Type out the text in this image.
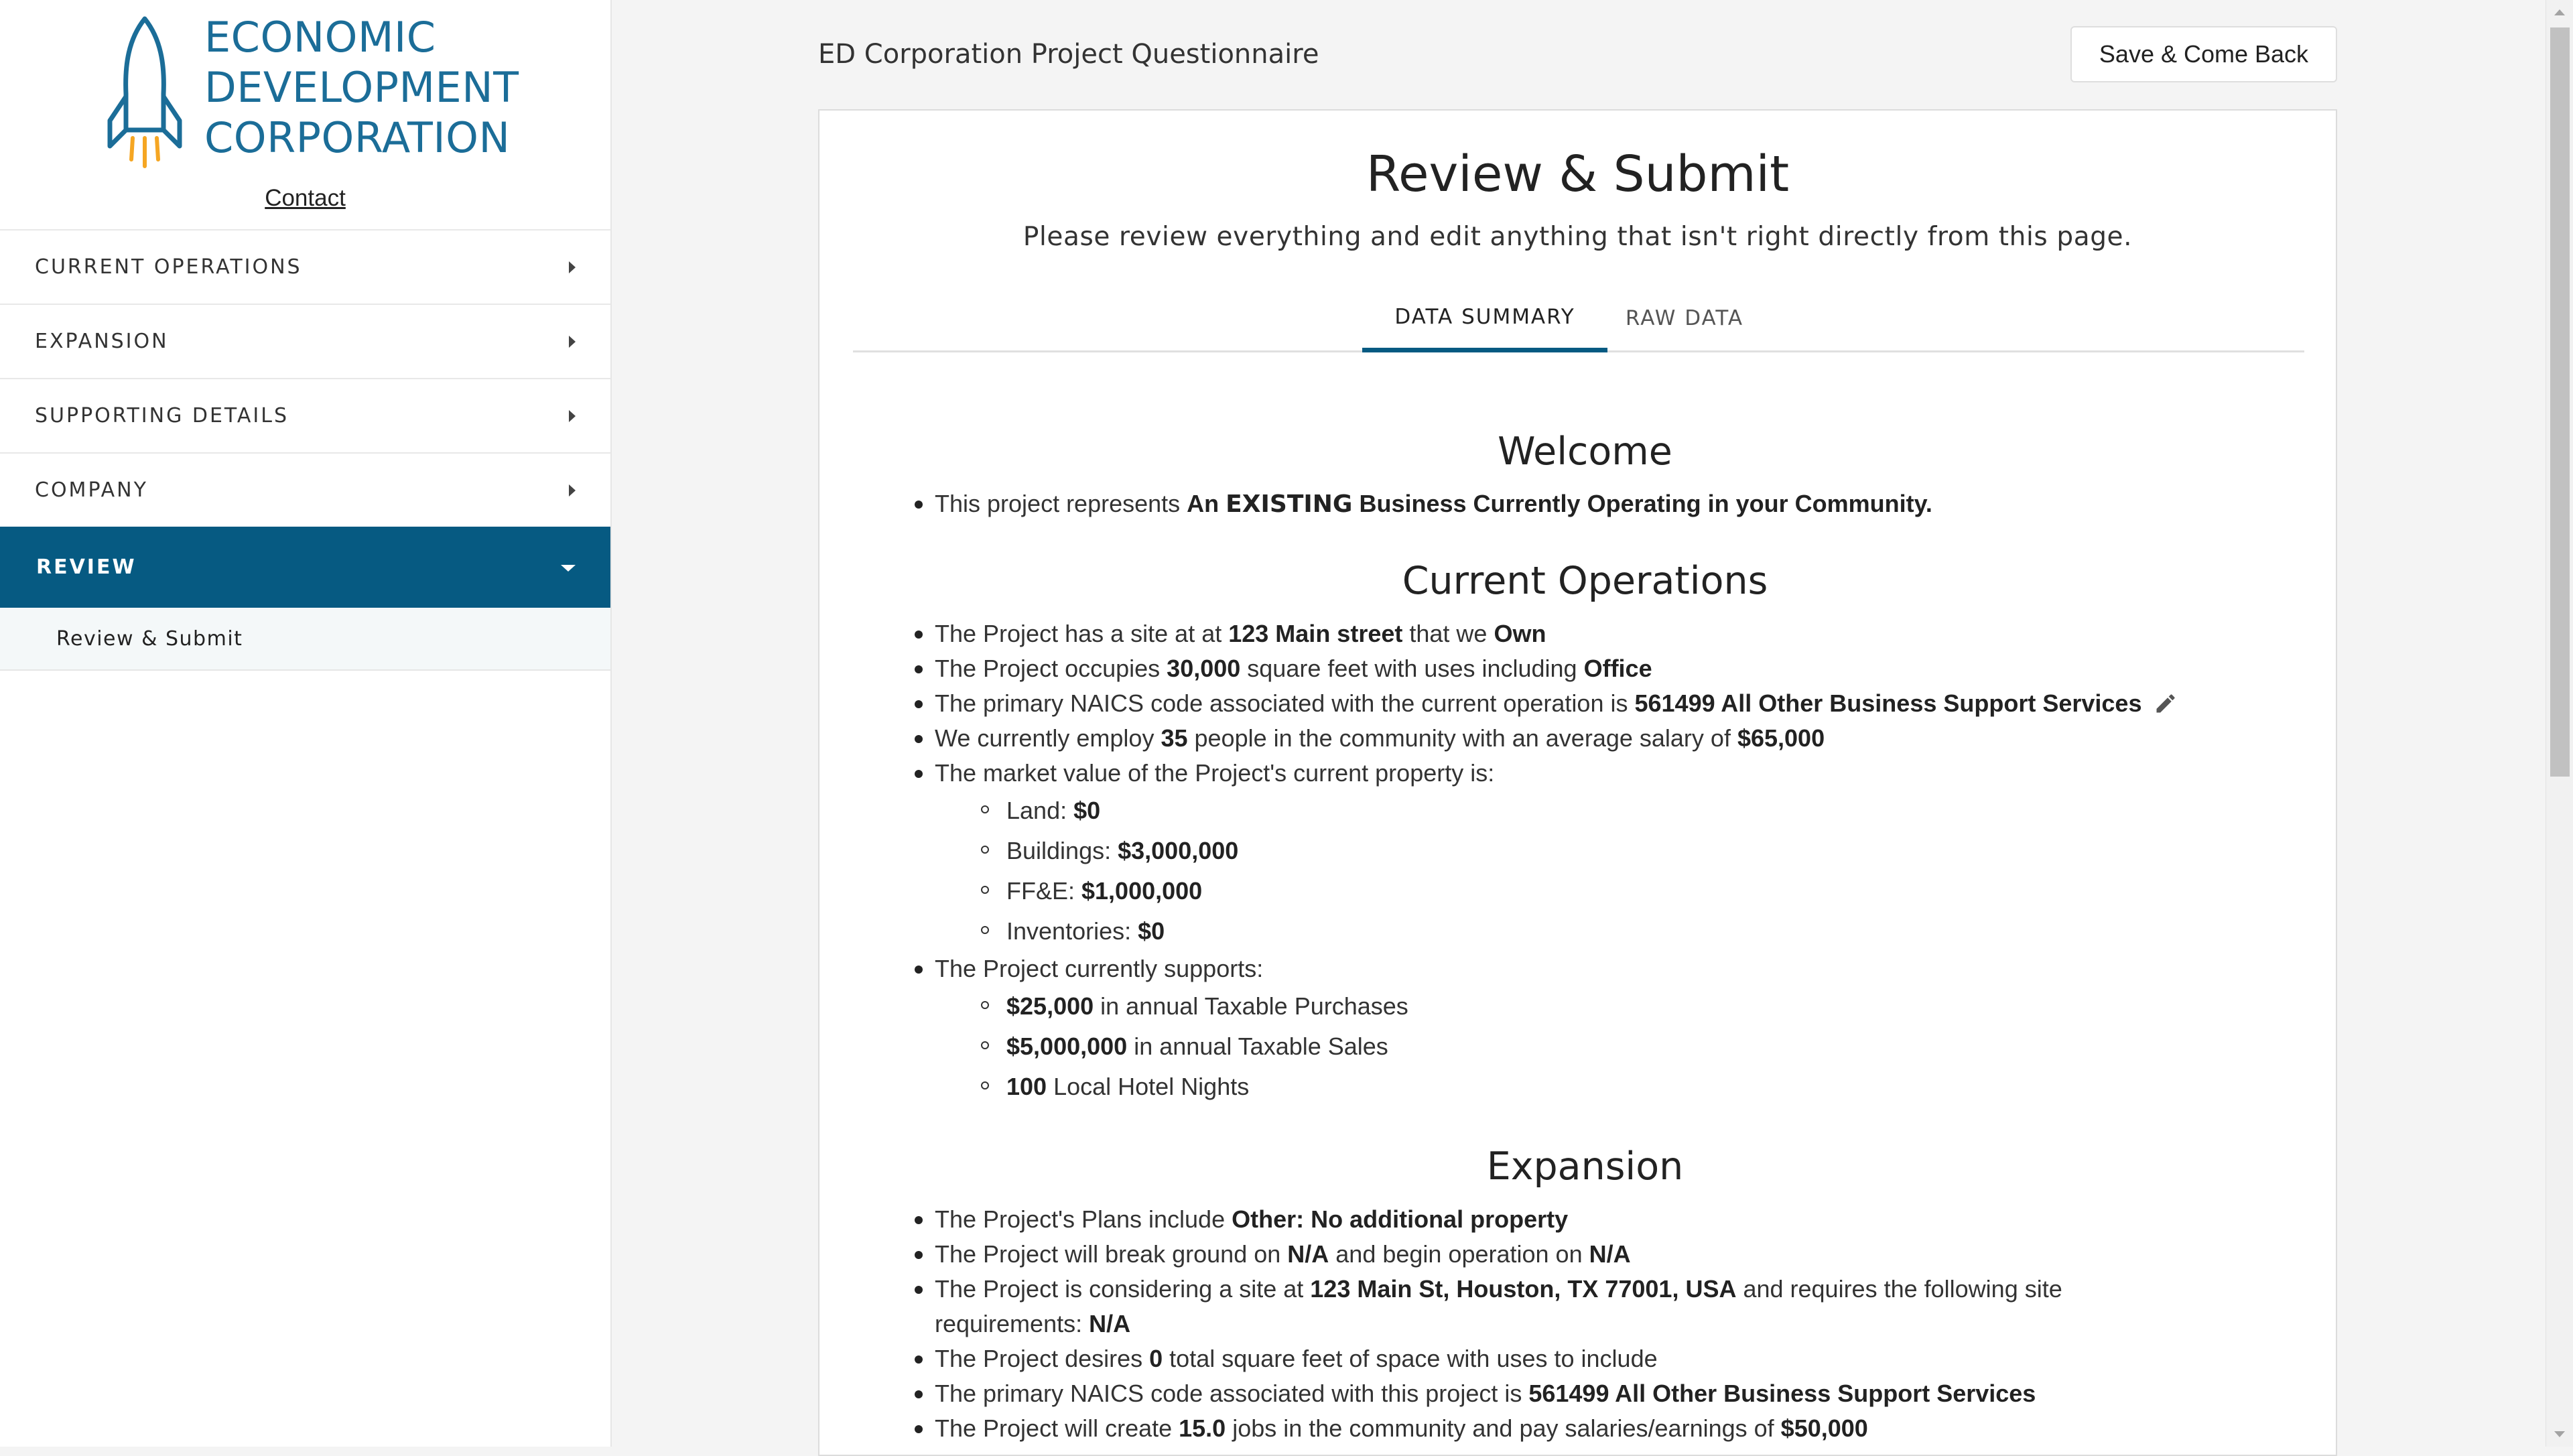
ECONOMIC
DEVELOPMENT
CORPORATION
Contact
CURRENT OPERATIONS
EXPANSION
SUPPORTING DETAILS
COMPANY
REVIEW
Review & Submit
ED Corporation Project Questionnaire	Save & Come Back
Review & Submit

Please review everything and edit anything that isn't right directly from this page.

DATA SUMMARY	RAW DATA
Welcome
This project represents An EXISTING Business Currently Operating in your Community.
Current Operations
The Project has a site at at 123 Main street that we Own
The Project occupies 30,000 square feet with uses including Office
The primary NAICS code associated with the current operation is 561499 All Other Business Support Services
We currently employ 35 people in the community with an average salary of $65,000
The market value of the Project's current property is:
Land: $0
Buildings: $3,000,000
FF&E: $1,000,000
Inventories: $0
The Project currently supports:
$25,000 in annual Taxable Purchases
$5,000,000 in annual Taxable Sales
100 Local Hotel Nights
Expansion
The Project's Plans include Other: No additional property
The Project will break ground on N/A and begin operation on N/A
The Project is considering a site at 123 Main St, Houston, TX 77001, USA and requires the following site requirements: N/A
The Project desires 0 total square feet of space with uses to include
The primary NAICS code associated with this project is 561499 All Other Business Support Services
The Project will create 15.0 jobs in the community and pay salaries/earnings of $50,000
